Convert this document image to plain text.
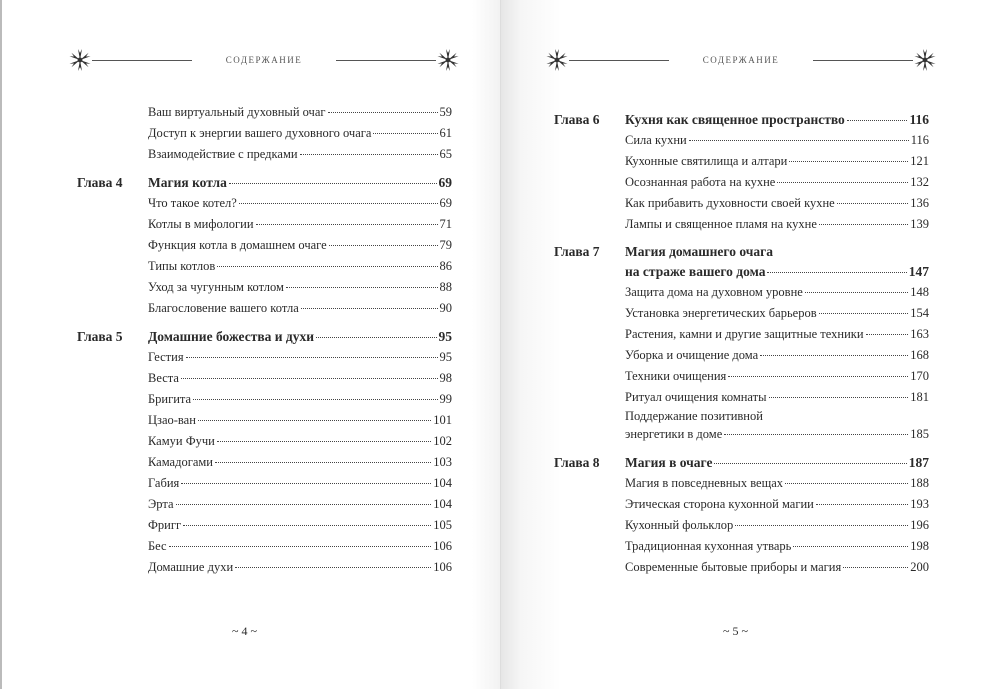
СОДЕРЖАНИЕ
Ваш виртуальный духовный очаг	59
Доступ к энергии вашего духовного очага	61
Взаимодействие с предками	65
Глава 4	Магия котла	69
Что такое котел?	69
Котлы в мифологии	71
Функция котла в домашнем очаге	79
Типы котлов	86
Уход за чугунным котлом	88
Благословение вашего котла	90
Глава 5	Домашние божества и духи	95
Гестия	95
Веста	98
Бригита	99
Цзао-ван	101
Камуи Фучи	102
Камадогами	103
Габия	104
Эрта	104
Фригг	105
Бес	106
Домашние духи	106
~ 4 ~
СОДЕРЖАНИЕ
Глава 6	Кухня как священное пространство	116
Сила кухни	116
Кухонные святилища и алтари	121
Осознанная работа на кухне	132
Как прибавить духовности своей кухне	136
Лампы и священное пламя на кухне	139
Глава 7	Магия домашнего очага
на страже вашего дома	147
Защита дома на духовном уровне	148
Установка энергетических барьеров	154
Растения, камни и другие защитные техники	163
Уборка и очищение дома	168
Техники очищения	170
Ритуал очищения комнаты	181
Поддержание позитивной
энергетики в доме	185
Глава 8	Магия в очаге	187
Магия в повседневных вещах	188
Этическая сторона кухонной магии	193
Кухонный фольклор	196
Традиционная кухонная утварь	198
Современные бытовые приборы и магия	200
~ 5 ~
